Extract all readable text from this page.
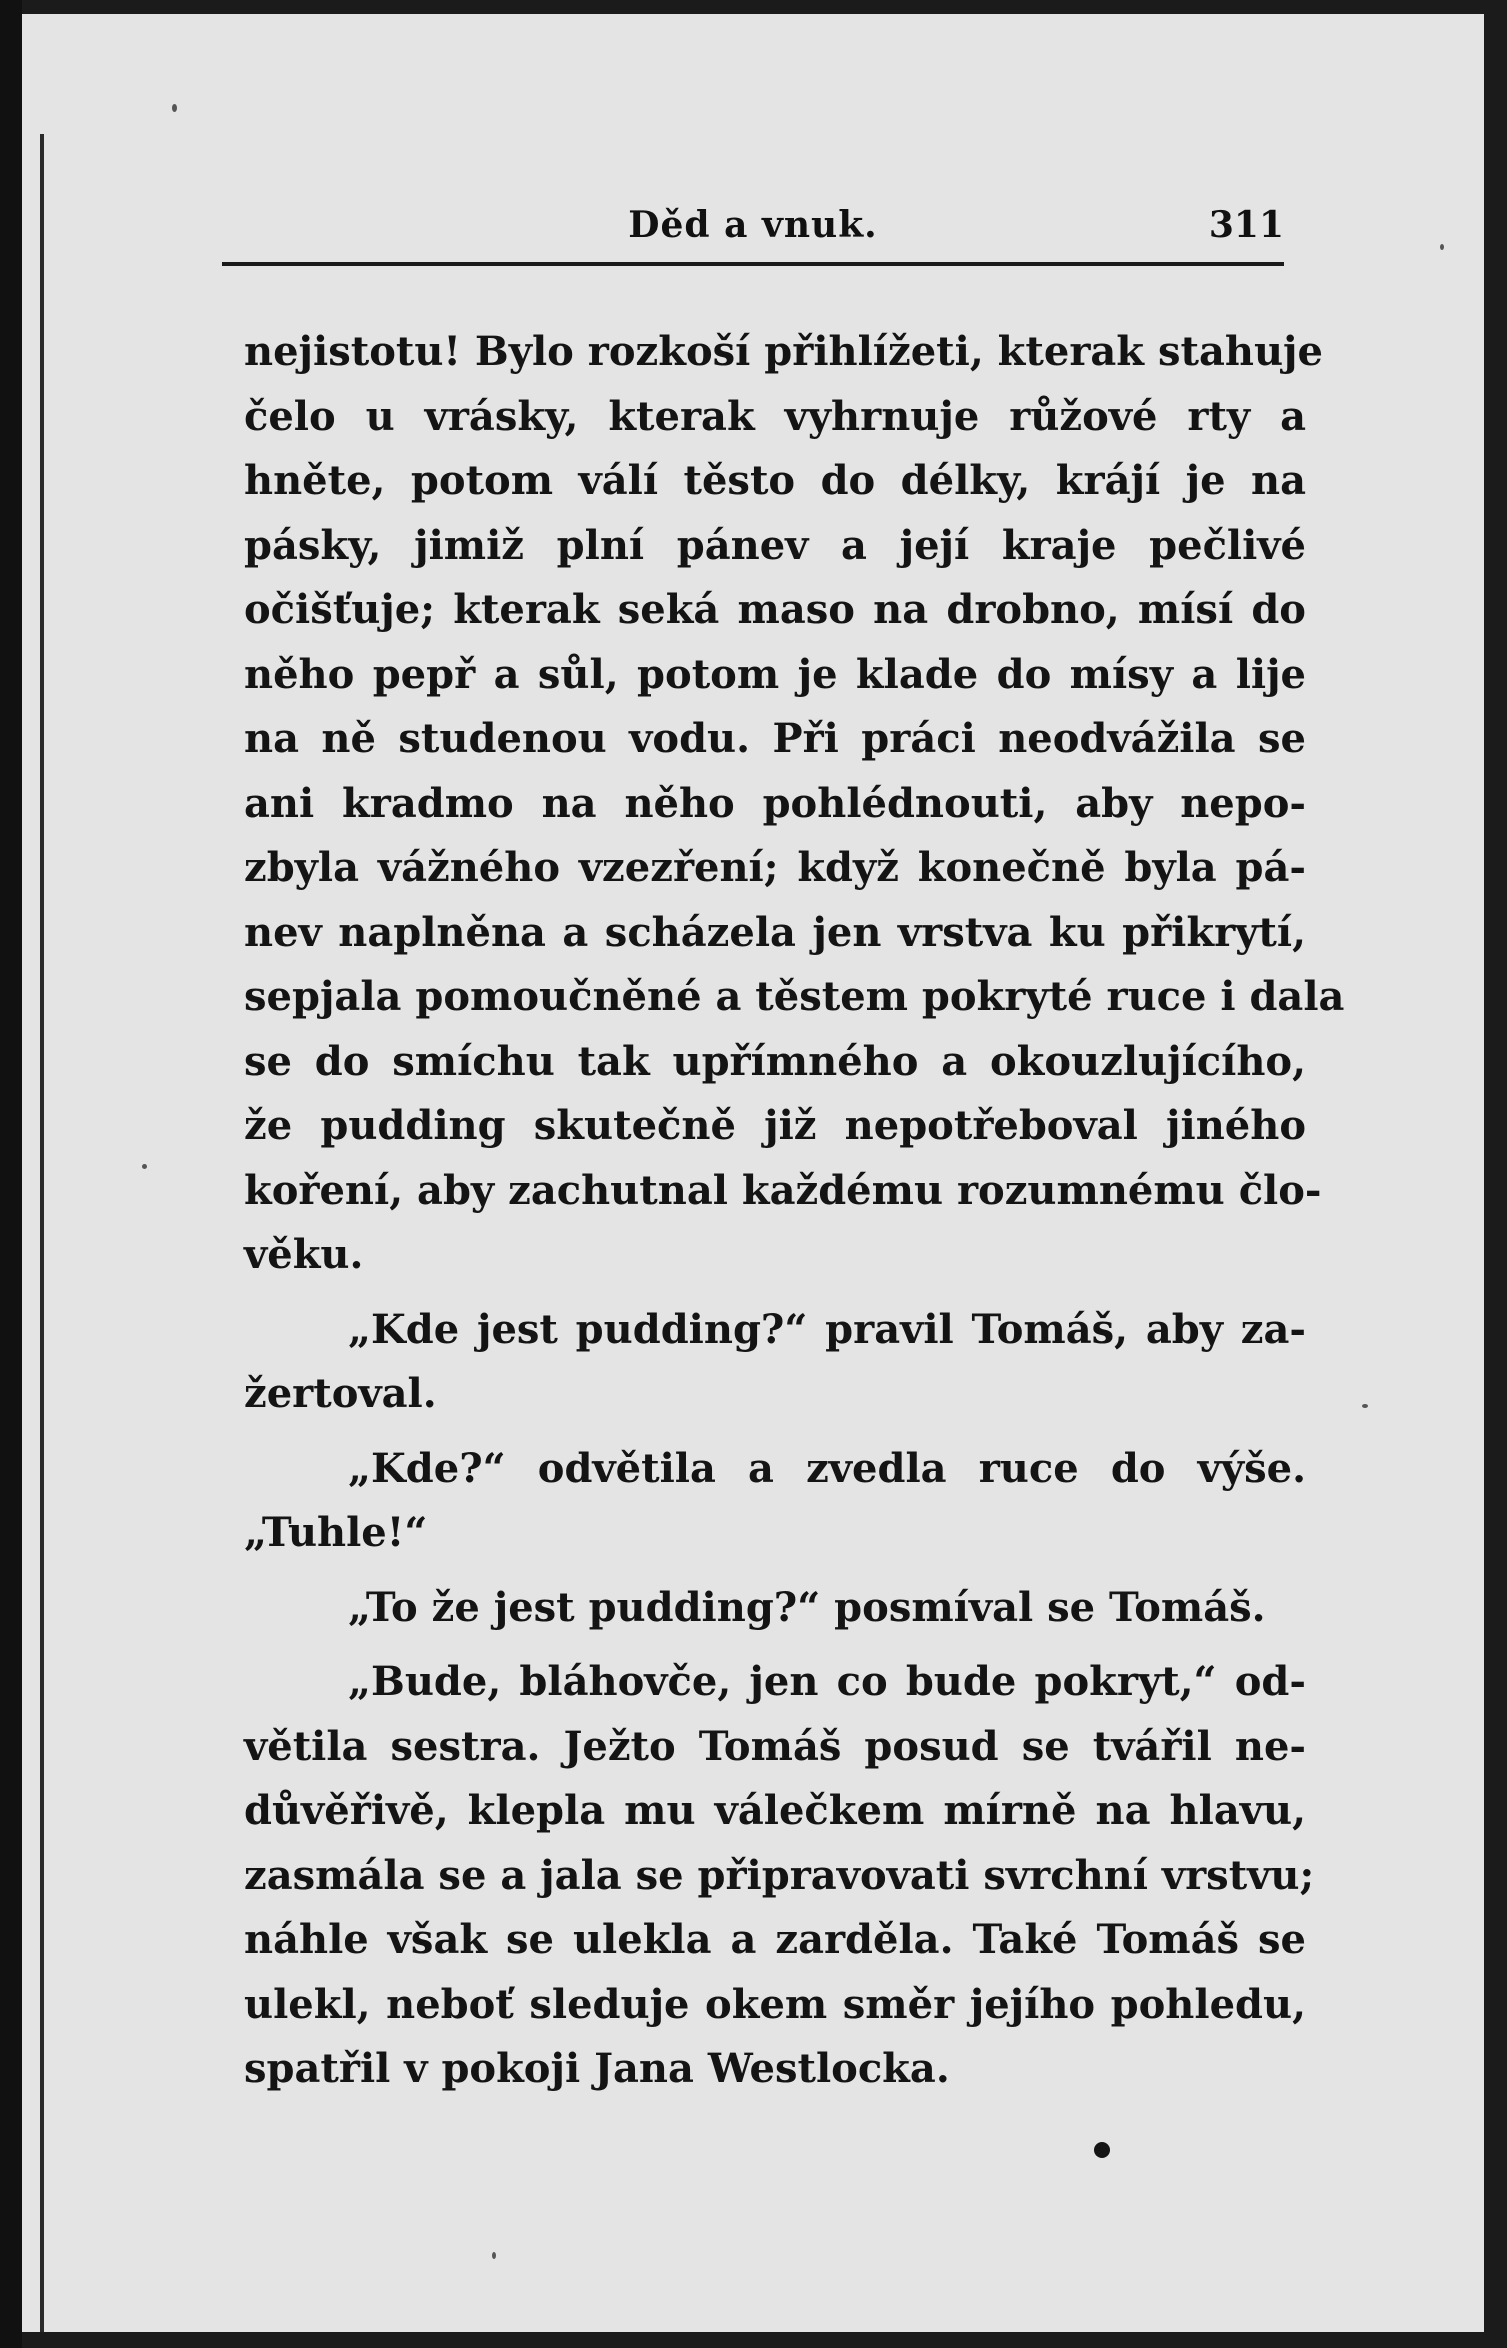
Děd a vnuk.	311
nejistotu! Bylo rozkoší přihlížeti, kterak stahuje
čelo u vrásky, kterak vyhrnuje růžové rty a
hněte, potom válí těsto do délky, krájí je na
pásky, jimiž plní pánev a její kraje pečlivé
očišťuje; kterak seká maso na drobno, mísí do
něho pepř a sůl, potom je klade do mísy a lije
na ně studenou vodu. Při práci neodvážila se
ani kradmo na něho pohlédnouti, aby nepo-
zbyla vážného vzezření; když konečně byla pá-
nev naplněna a scházela jen vrstva ku přikrytí,
sepjala pomoučněné a těstem pokryté ruce i dala
se do smíchu tak upřímného a okouzlujícího,
že pudding skutečně již nepotřeboval jiného
koření, aby zachutnal každému rozumnému člo-
věku.
„Kde jest pudding?“ pravil Tomáš, aby za-
žertoval.
„Kde?“ odvětila a zvedla ruce do výše.
„Tuhle!“
„To že jest pudding?“ posmíval se Tomáš.
„Bude, bláhovče, jen co bude pokryt,“ od-
větila sestra. Ježto Tomáš posud se tvářil ne-
důvěřivě, klepla mu válečkem mírně na hlavu,
zasmála se a jala se připravovati svrchní vrstvu;
náhle však se ulekla a zarděla. Také Tomáš se
ulekl, neboť sleduje okem směr jejího pohledu,
spatřil v pokoji Jana Westlocka.
